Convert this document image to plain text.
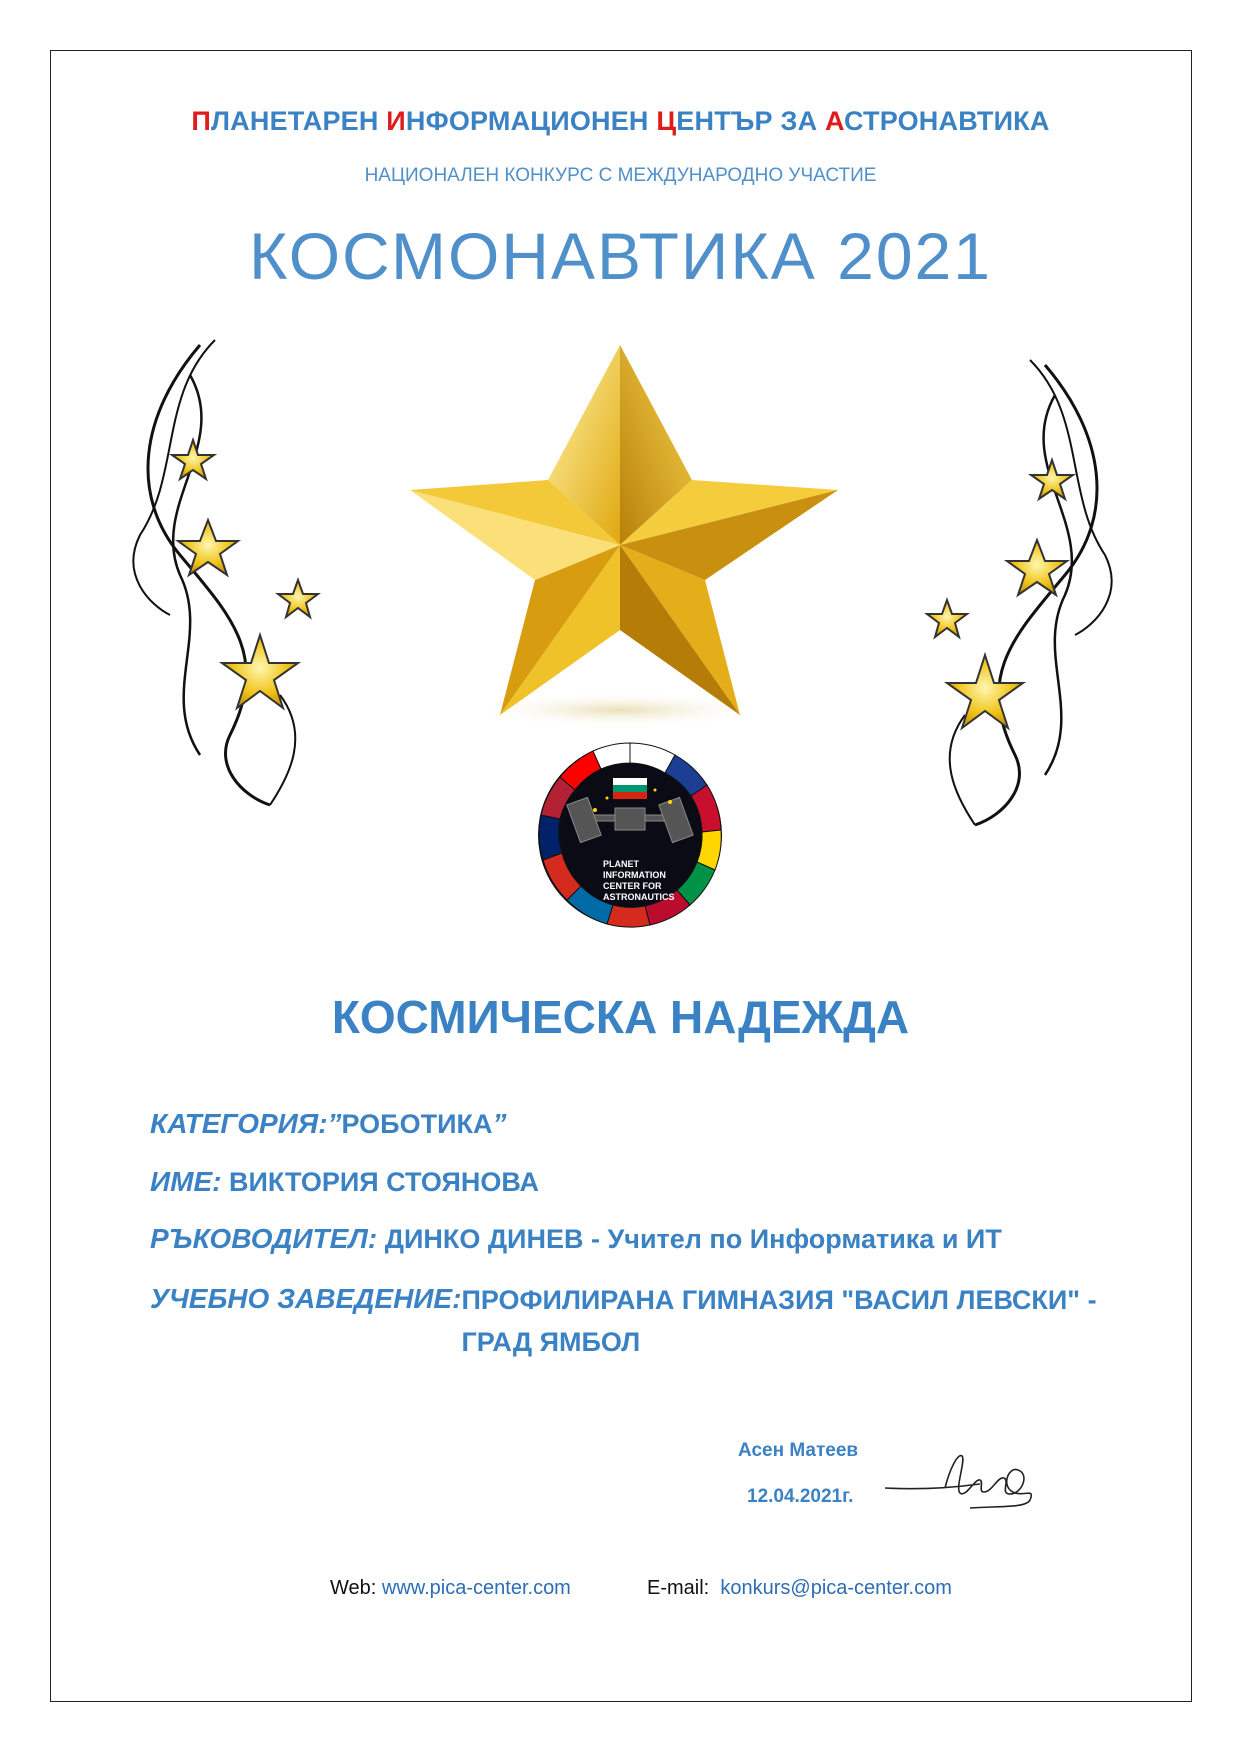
ПЛАНЕТАРЕН ИНФОРМАЦИОНЕН ЦЕНТЪР ЗА АСТРОНАВТИКА
НАЦИОНАЛЕН КОНКУРС С МЕЖДУНАРОДНО УЧАСТИЕ
КОСМОНАВТИКА 2021
PLANET
INFORMATION
CENTER FOR
ASTRONAUTICS
КОСМИЧЕСКА НАДЕЖДА
КАТЕГОРИЯ:”РОБОТИКА”
ИМЕ: ВИКТОРИЯ СТОЯНОВА
РЪКОВОДИТЕЛ: ДИНКО ДИНЕВ - Учител по Информатика и ИТ
УЧЕБНО ЗАВЕДЕНИЕ:ПРОФИЛИРАНА ГИМНАЗИЯ "ВАСИЛ ЛЕВСКИ" -
ГРАД ЯМБОЛ
Асен Матеев
12.04.2021г.
Web: www.pica-center.com	E-mail: konkurs@pica-center.com
